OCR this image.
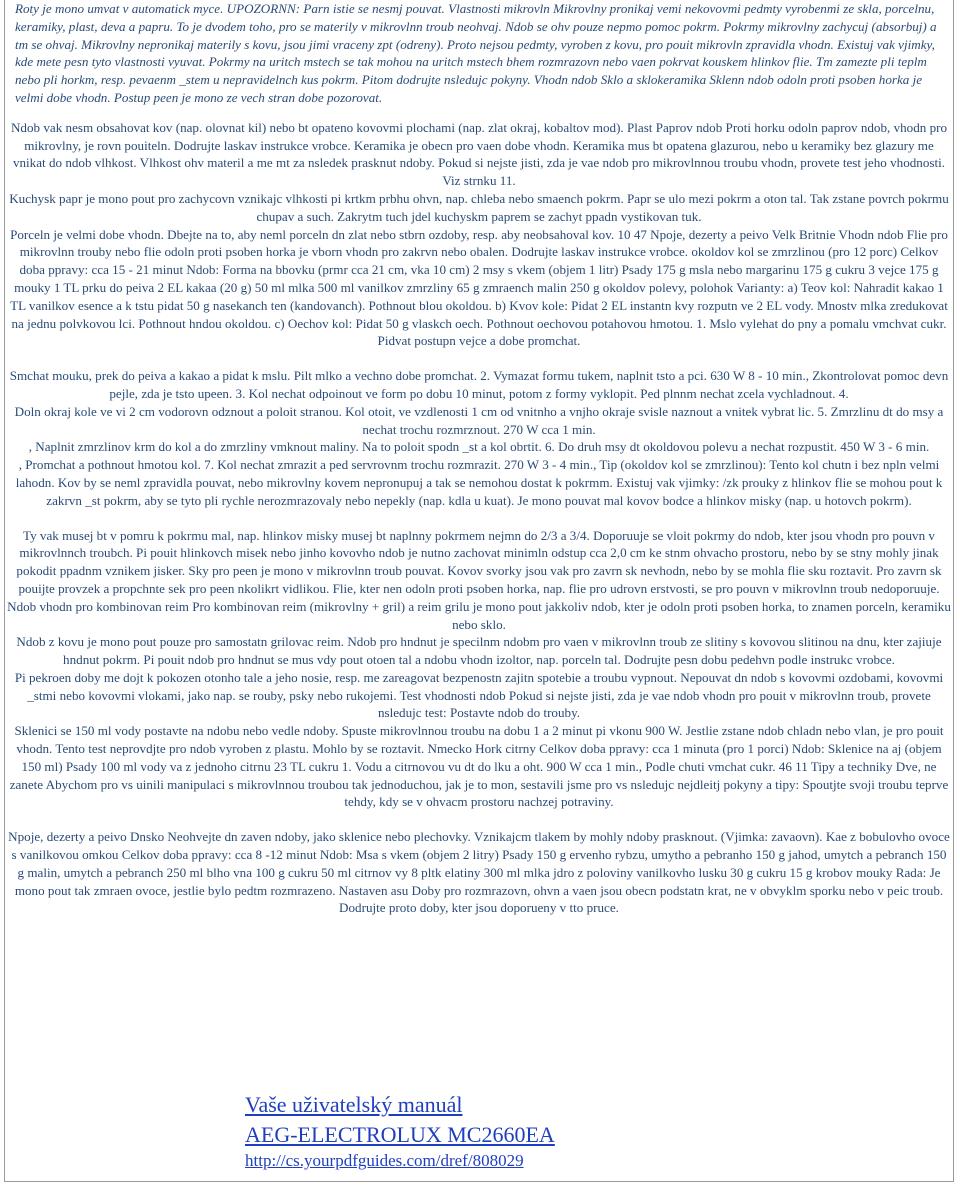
Roty je mono umvat v automatick myce. UPOZORNN: Parn istie se nesmj pouvat. Vlastnosti mikrovln Mikrovlny pronikaj vemi nekovovmi pedmty vyrobenmi ze skla, porcelnu, keramiky, plast, deva a papru. To je dvodem toho, pro se materily v mikrovlnn troub neohvaj. Ndob se ohv pouze nepmo pomoc pokrm. Pokrmy mikrovlny zachycuj (absorbuj) a tm se ohvaj. Mikrovlny nepronikaj materily s kovu, jsou jimi vraceny zpt (odreny). Proto nejsou pedmty, vyroben z kovu, pro pouit mikrovln zpravidla vhodn. Existuj vak vjimky, kde mete pesn tyto vlastnosti vyuvat. Pokrmy na uritch mstech se tak mohou na uritch mstech bhem rozmrazovn nebo vaen pokrvat kouskem hlinkov flie. Tm zamezte pli teplm nebo pli horkm, resp. pevaenm _stem u nepravidelnch kus pokrm. Pitom dodrujte nsledujc pokyny. Vhodn ndob Sklo a sklokeramika Sklenn ndob odoln proti psoben horka je velmi dobe vhodn. Postup peen je mono ze vech stran dobe pozorovat.

Ndob vak nesm obsahovat kov (nap. olovnat kil) nebo bt opateno kovovmi plochami (nap. zlat okraj, kobaltov mod). Plast Paprov ndob Proti horku odoln paprov ndob, vhodn pro mikrovlny, je rovn pouiteln. Dodrujte laskav instrukce vrobce. Keramika je obecn pro vaen dobe vhodn. Keramika mus bt opatena glazurou, nebo u keramiky bez glazury me vnikat do ndob vlhkost. Vlhkost ohv materil a me mt za nsledek prasknut ndoby. Pokud si nejste jisti, zda je vae ndob pro mikrovlnnou troubu vhodn, provete test jeho vhodnosti. Viz strnku 11.

Kuchysk papr je mono pout pro zachycovn vznikajc vlhkosti pi krtkm prbhu ohvn, nap. chleba nebo smaench pokrm. Papr se ulo mezi pokrm a oton tal. Tak zstane povrch pokrmu chupav a such. Zakrytm tuch jdel kuchyskm paprem se zachyt ppadn vystikovan tuk.

Porceln je velmi dobe vhodn. Dbejte na to, aby neml porceln dn zlat nebo stbrn ozdoby, resp. aby neobsahoval kov. 10 47 Npoje, dezerty a peivo Velk Britnie Vhodn ndob Flie pro mikrovlnn trouby nebo flie odoln proti psoben horka je vborn vhodn pro zakrvn nebo obalen. Dodrujte laskav instrukce vrobce. okoldov kol se zmrzlinou (pro 12 porc) Celkov doba ppravy: cca 15 - 21 minut Ndob: Forma na bbovku (prmr cca 21 cm, vka 10 cm) 2 msy s vkem (objem 1 litr) Psady 175 g msla nebo margarinu 175 g cukru 3 vejce 175 g mouky 1 TL prku do peiva 2 EL kakaa (20 g) 50 ml mlka 500 ml vanilkov zmrzliny 65 g zmraench malin 250 g okoldov polevy, polohok Varianty: a) Teov kol: Nahradit kakao 1 TL vanilkov esence a k tstu pidat 50 g nasekanch ten (kandovanch). Pothnout blou okoldou. b) Kvov kole: Pidat 2 EL instantn kvy rozputn ve 2 EL vody. Mnostv mlka zredukovat na jednu polvkovou lci. Pothnout hndou okoldou. c) Oechov kol: Pidat 50 g vlaskch oech. Pothnout oechovou potahovou hmotou. 1. Mslo vylehat do pny a pomalu vmchvat cukr. Pidvat postupn vejce a dobe promchat.

Smchat mouku, prek do peiva a kakao a pidat k mslu. Pilt mlko a vechno dobe promchat. 2. Vymazat formu tukem, naplnit tsto a pci. 630 W 8 - 10 min., Zkontrolovat pomoc devn pejle, zda je tsto upeen. 3. Kol nechat odpoinout ve form po dobu 10 minut, potom z formy vyklopit. Ped plnnm nechat zcela vychladnout. 4.

Doln okraj kole ve vi 2 cm vodorovn odznout a poloit stranou. Kol otoit, ve vzdlenosti 1 cm od vnitnho a vnjho okraje svisle naznout a vnitek vybrat lic. 5. Zmrzlinu dt do msy a nechat trochu rozmrznout. 270 W cca 1 min.

, Naplnit zmrzlinov krm do kol a do zmrzliny vmknout maliny. Na to poloit spodn _st a kol obrtit. 6. Do druh msy dt okoldovou polevu a nechat rozpustit. 450 W 3 - 6 min.

, Promchat a pothnout hmotou kol. 7. Kol nechat zmrazit a ped servrovnm trochu rozmrazit. 270 W 3 - 4 min., Tip (okoldov kol se zmrzlinou): Tento kol chutn i bez npln velmi lahodn. Kov by se neml zpravidla pouvat, nebo mikrovlny kovem nepronupuj a tak se nemohou dostat k pokrmm. Existuj vak vjimky: /zk prouky z hlinkov flie se mohou pout k zakrvn _st pokrm, aby se tyto pli rychle nerozmrazovaly nebo nepekly (nap. kdla u kuat). Je mono pouvat mal kovov bodce a hlinkov misky (nap. u hotovch pokrm).

Ty vak musej bt v pomru k pokrmu mal, nap. hlinkov misky musej bt naplnny pokrmem nejmn do 2/3 a 3/4. Doporuuje se vloit pokrmy do ndob, kter jsou vhodn pro pouvn v mikrovlnnch troubch. Pi pouit hlinkovch misek nebo jinho kovovho ndob je nutno zachovat minimln odstup cca 2,0 cm ke stnm ohvacho prostoru, nebo by se stny mohly jinak pokodit ppadnm vznikem jisker. Sky pro peen je mono v mikrovlnn troub pouvat. Kovov svorky jsou vak pro zavrn sk nevhodn, nebo by se mohla flie sku roztavit. Pro zavrn sk pouijte provzek a propchnte sek pro peen nkolikrt vidlikou. Flie, kter nen odoln proti psoben horka, nap. flie pro udrovn erstvosti, se pro pouvn v mikrovlnn troub nedoporuuje. Ndob vhodn pro kombinovan reim Pro kombinovan reim (mikrovlny + gril) a reim grilu je mono pout jakkoliv ndob, kter je odoln proti psoben horka, to znamen porceln, keramiku nebo sklo.

Ndob z kovu je mono pout pouze pro samostatn grilovac reim. Ndob pro hndnut je specilnm ndobm pro vaen v mikrovlnn troub ze slitiny s kovovou slitinou na dnu, kter zajiuje hndnut pokrm. Pi pouit ndob pro hndnut se mus vdy pout otoen tal a ndobu vhodn izoltor, nap. porceln tal. Dodrujte pesn dobu pedehvn podle instrukc vrobce.

Pi pekroen doby me dojt k pokozen otonho tale a jeho nosie, resp. me zareagovat bezpenostn zajitn spotebie a troubu vypnout. Nepouvat dn ndob s kovovmi ozdobami, kovovmi _stmi nebo kovovmi vlokami, jako nap. se rouby, psky nebo rukojemi. Test vhodnosti ndob Pokud si nejste jisti, zda je vae ndob vhodn pro pouit v mikrovlnn troub, provete nsledujc test: Postavte ndob do trouby.

Sklenici se 150 ml vody postavte na ndobu nebo vedle ndoby. Spuste mikrovlnnou troubu na dobu 1 a 2 minut pi vkonu 900 W. Jestlie zstane ndob chladn nebo vlan, je pro pouit vhodn. Tento test neprovdjte pro ndob vyroben z plastu. Mohlo by se roztavit. Nmecko Hork citrny Celkov doba ppravy: cca 1 minuta (pro 1 porci) Ndob: Sklenice na aj (objem 150 ml) Psady 100 ml vody va z jednoho citrnu 23 TL cukru 1. Vodu a citrnovou vu dt do lku a oht. 900 W cca 1 min., Podle chuti vmchat cukr. 46 11 Tipy a techniky Dve, ne zanete Abychom pro vs uinili manipulaci s mikrovlnnou troubou tak jednoduchou, jak je to mon, sestavili jsme pro vs nsledujc nejdleitj pokyny a tipy: Spoutjte svoji troubu teprve tehdy, kdy se v ohvacm prostoru nachzej potraviny.

Npoje, dezerty a peivo Dnsko Neohvejte dn zaven ndoby, jako sklenice nebo plechovky. Vznikajcm tlakem by mohly ndoby prasknout. (Vjimka: zavaovn). Kae z bobulovho ovoce s vanilkovou omkou Celkov doba ppravy: cca 8 -12 minut Ndob: Msa s vkem (objem 2 litry) Psady 150 g ervenho rybzu, umytho a pebranho 150 g jahod, umytch a pebranch 150 g malin, umytch a pebranch 250 ml blho vna 100 g cukru 50 ml citrnov vy 8 pltk elatiny 300 ml mlka jdro z poloviny vanilkovho lusku 30 g cukru 15 g krobov mouky Rada: Je mono pout tak zmraen ovoce, jestlie bylo pedtm rozmrazeno. Nastaven asu Doby pro rozmrazovn, ohvn a vaen jsou obecn podstatn krat, ne v obvyklm sporku nebo v peic troub. Dodrujte proto doby, kter jsou doporueny v tto pruce.

Vaše uživatelský manuál
AEG-ELECTROLUX MC2660EA
http://cs.yourpdfguides.com/dref/808029
